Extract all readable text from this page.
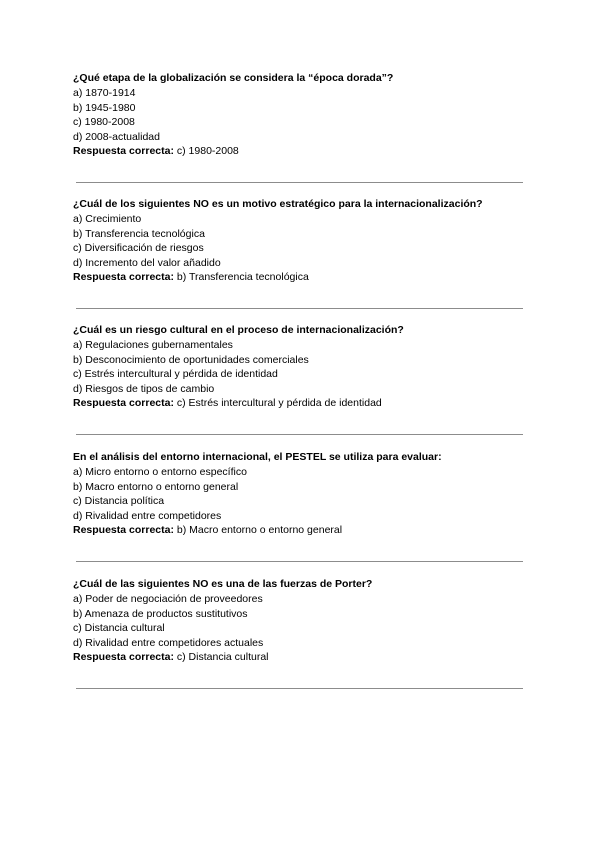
¿Qué etapa de la globalización se considera la “época dorada”?
a) 1870-1914
b) 1945-1980
c) 1980-2008
d) 2008-actualidad
Respuesta correcta: c) 1980-2008
¿Cuál de los siguientes NO es un motivo estratégico para la internacionalización?
a) Crecimiento
b) Transferencia tecnológica
c) Diversificación de riesgos
d) Incremento del valor añadido
Respuesta correcta: b) Transferencia tecnológica
¿Cuál es un riesgo cultural en el proceso de internacionalización?
a) Regulaciones gubernamentales
b) Desconocimiento de oportunidades comerciales
c) Estrés intercultural y pérdida de identidad
d) Riesgos de tipos de cambio
Respuesta correcta: c) Estrés intercultural y pérdida de identidad
En el análisis del entorno internacional, el PESTEL se utiliza para evaluar:
a) Micro entorno o entorno específico
b) Macro entorno o entorno general
c) Distancia política
d) Rivalidad entre competidores
Respuesta correcta: b) Macro entorno o entorno general
¿Cuál de las siguientes NO es una de las fuerzas de Porter?
a) Poder de negociación de proveedores
b) Amenaza de productos sustitutivos
c) Distancia cultural
d) Rivalidad entre competidores actuales
Respuesta correcta: c) Distancia cultural
